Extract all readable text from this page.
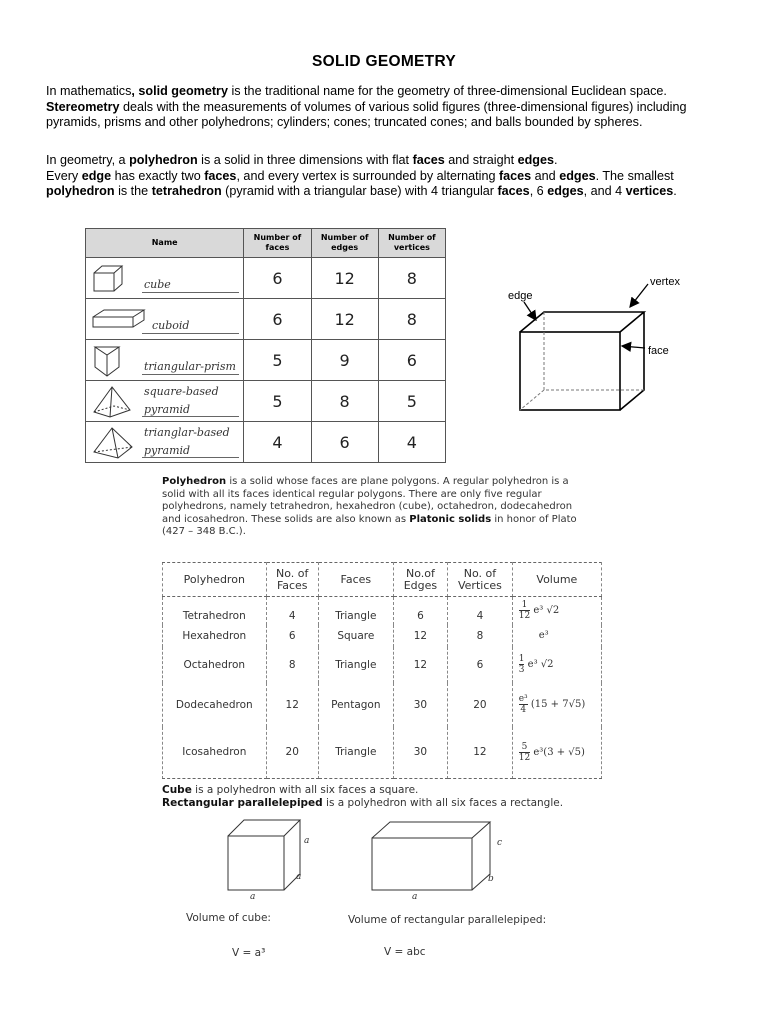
SOLID GEOMETRY
In mathematics, solid geometry is the traditional name for the geometry of three-dimensional Euclidean space. Stereometry deals with the measurements of volumes of various solid figures (three-dimensional figures) including pyramids, prisms and other polyhedrons; cylinders; cones; truncated cones; and balls bounded by spheres.
In geometry, a polyhedron is a solid in three dimensions with flat faces and straight edges.
Every edge has exactly two faces, and every vertex is surrounded by alternating faces and edges. The smallest polyhedron is the tetrahedron (pyramid with a triangular base) with 4 triangular faces, 6 edges, and 4 vertices.
Name	Number of faces	Number of edges	Number of vertices

cube	6	12	8

cuboid	6	12	8

triangular-prism	5	9	6

square-based
pyramid	5	8	5

trianglar-based
pyramid	4	6	4
edge
vertex
face
Polyhedron is a solid whose faces are plane polygons. A regular polyhedron is a solid with all its faces identical regular polygons. There are only five regular polyhedrons, namely tetrahedron, hexahedron (cube), octahedron, dodecahedron and icosahedron. These solids are also known as Platonic solids in honor of Plato (427 – 348 B.C.).
Polyhedron	No. of Faces	Faces	No.of Edges	No. of Vertices	Volume
Tetrahedron	4	Triangle	6	4	$\frac{1}{12} e^3$ √2
Hexahedron	6	Square	12	8	e³
Octahedron	8	Triangle	12	6	$\frac{1}{3} e^3$ √2
Dodecahedron	12	Pentagon	30	20	$\frac{\text{e³}}{4} (15 + 7√5)$
Icosahedron	20	Triangle	30	12	$\frac{5}{12} e^3(3 + √5)$
Cube is a polyhedron with all six faces a square.
Rectangular parallelepiped is a polyhedron with all six faces a rectangle.
a
a
a
c
b
a
Volume of cube:	Volume of rectangular parallelepiped:
V = a³	V = abc
